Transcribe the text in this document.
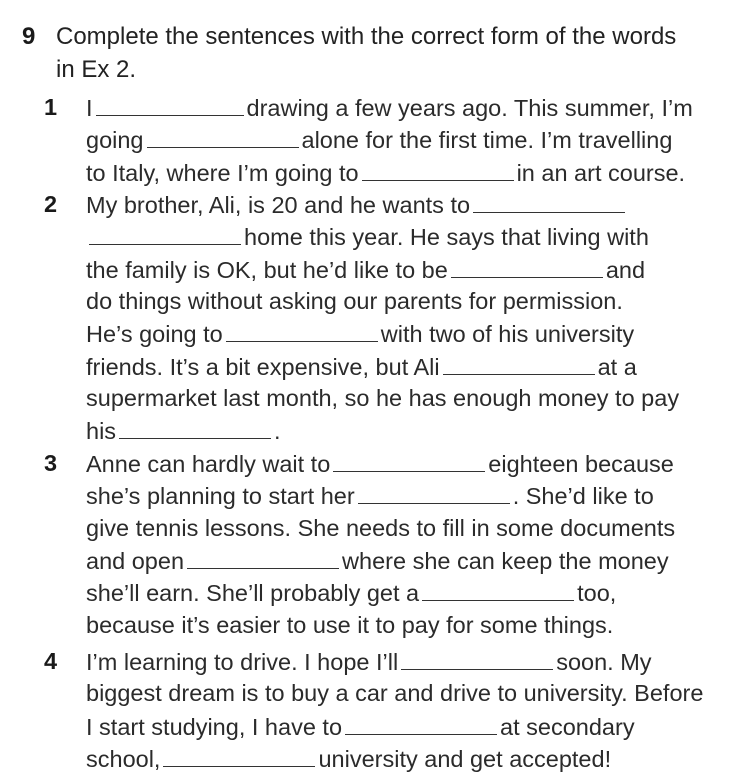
9 Complete the sentences with the correct form of the words
in Ex 2.
1 I	drawing a few years ago. This summer, I’m
going	alone for the first time. I’m travelling
to Italy, where I’m going to	in an art course.
2 My brother, Ali, is 20 and he wants to
home this year. He says that living with
the family is OK, but he’d like to be	and
do things without asking our parents for permission.
He’s going to	with two of his university
friends. It’s a bit expensive, but Ali	at a
supermarket last month, so he has enough money to pay
his	.
3 Anne can hardly wait to	eighteen because
she’s planning to start her	. She’d like to
give tennis lessons. She needs to fill in some documents
and open	where she can keep the money
she’ll earn. She’ll probably get a	too,
because it’s easier to use it to pay for some things.
4 I’m learning to drive. I hope I’ll	soon. My
biggest dream is to buy a car and drive to university. Before
I start studying, I have to	at secondary
school,	university and get accepted!
